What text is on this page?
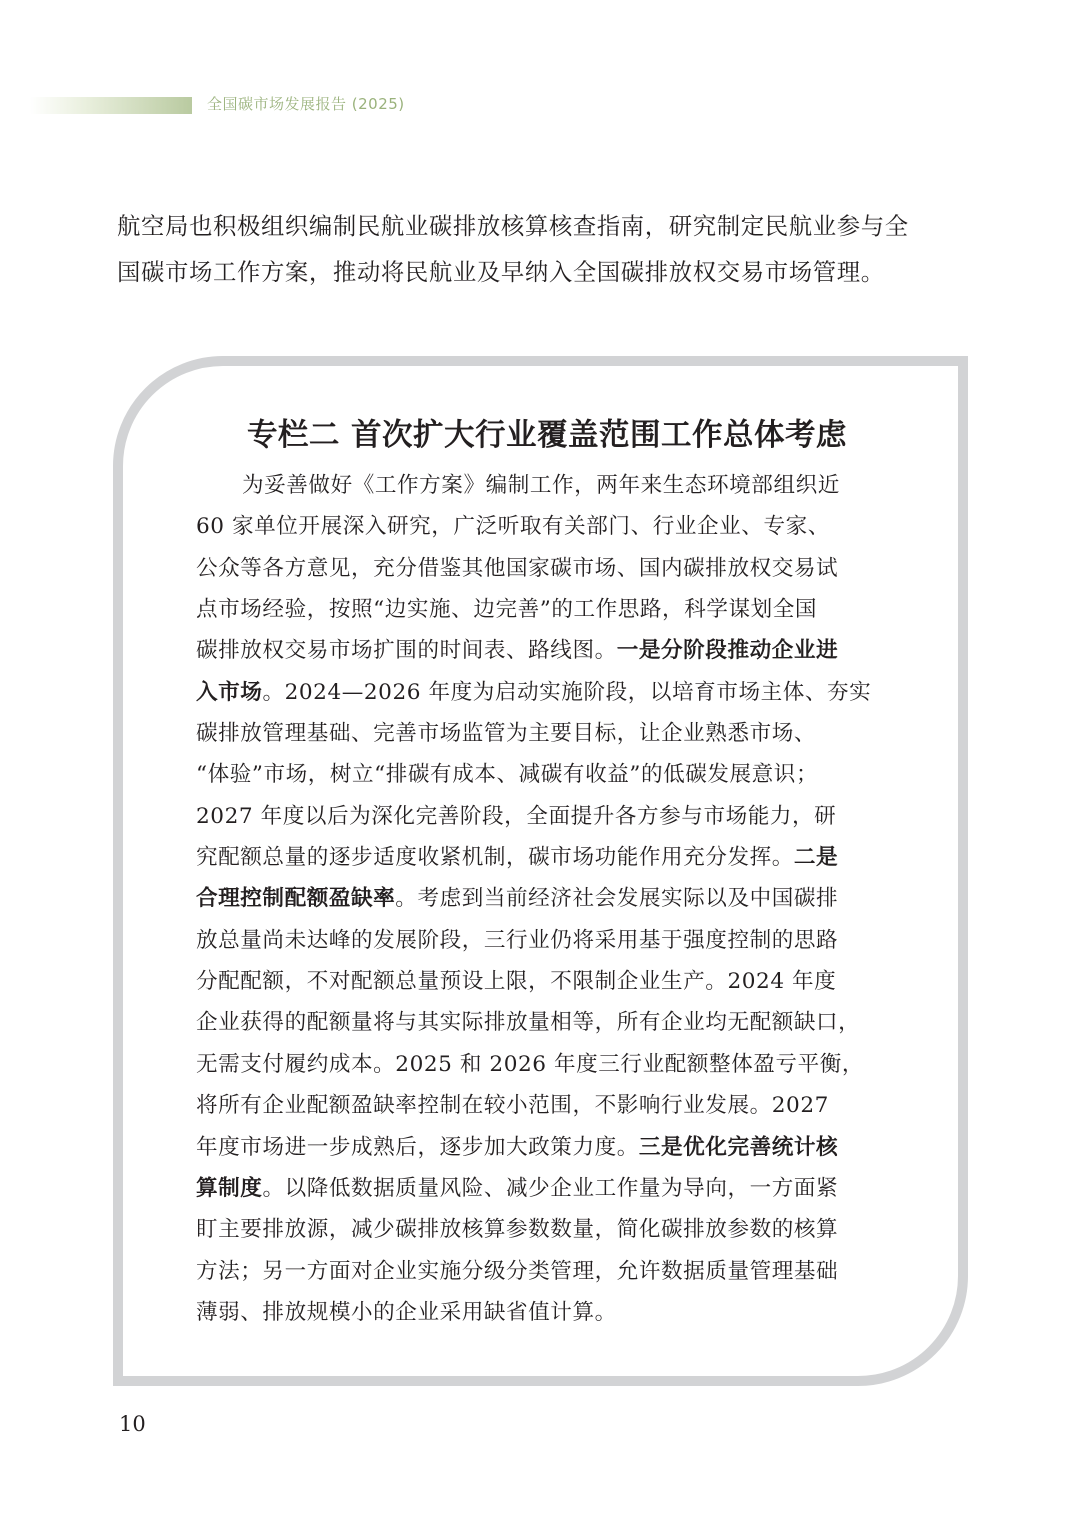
全国碳市场发展报告 (2025)
航空局也积极组织编制民航业碳排放核算核查指南，研究制定民航业参与全
国碳市场工作方案，推动将民航业及早纳入全国碳排放权交易市场管理。
专栏二 首次扩大行业覆盖范围工作总体考虑
为妥善做好《工作方案》编制工作，两年来生态环境部组织近
60 家单位开展深入研究，广泛听取有关部门、行业企业、专家、
公众等各方意见，充分借鉴其他国家碳市场、国内碳排放权交易试
点市场经验，按照“边实施、边完善”的工作思路，科学谋划全国
碳排放权交易市场扩围的时间表、路线图。一是分阶段推动企业进
入市场。2024—2026 年度为启动实施阶段，以培育市场主体、夯实
碳排放管理基础、完善市场监管为主要目标，让企业熟悉市场、
“体验”市场，树立“排碳有成本、减碳有收益”的低碳发展意识；
2027 年度以后为深化完善阶段，全面提升各方参与市场能力，研
究配额总量的逐步适度收紧机制，碳市场功能作用充分发挥。二是
合理控制配额盈缺率。考虑到当前经济社会发展实际以及中国碳排
放总量尚未达峰的发展阶段，三行业仍将采用基于强度控制的思路
分配配额，不对配额总量预设上限，不限制企业生产。2024 年度
企业获得的配额量将与其实际排放量相等，所有企业均无配额缺口，
无需支付履约成本。2025 和 2026 年度三行业配额整体盈亏平衡，
将所有企业配额盈缺率控制在较小范围，不影响行业发展。2027
年度市场进一步成熟后，逐步加大政策力度。三是优化完善统计核
算制度。以降低数据质量风险、减少企业工作量为导向，一方面紧
盯主要排放源，减少碳排放核算参数数量，简化碳排放参数的核算
方法；另一方面对企业实施分级分类管理，允许数据质量管理基础
薄弱、排放规模小的企业采用缺省值计算。
10
